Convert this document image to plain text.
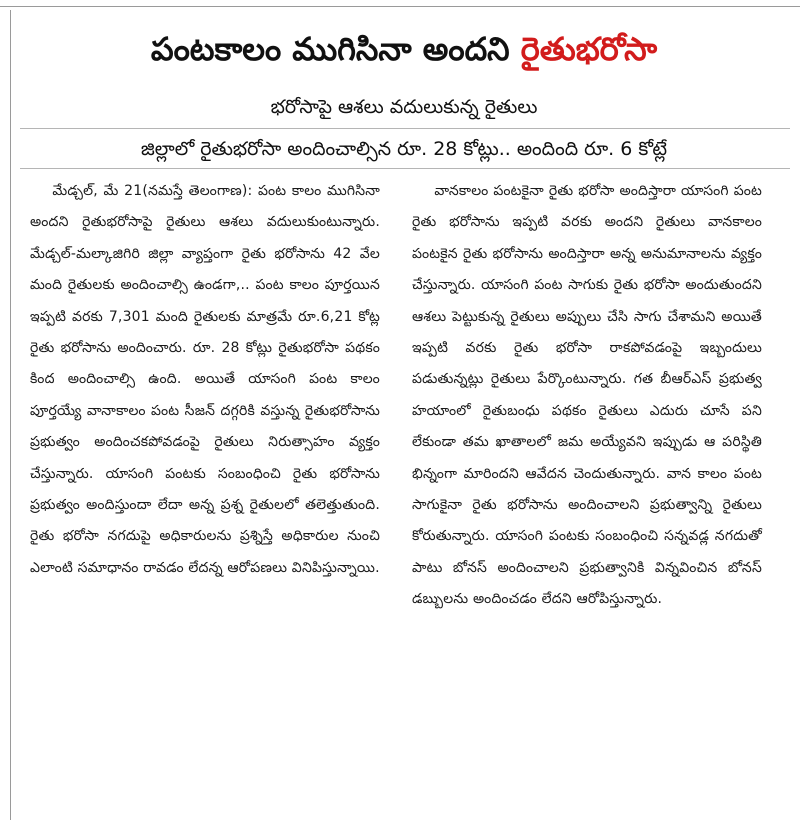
పంటకాలం ముగిసినా అందని రైతుభరోసా
భరోసాపై ఆశలు వదులుకున్న రైతులు
జిల్లాలో రైతుభరోసా అందించాల్సిన రూ. 28 కోట్లు.. అందింది రూ. 6 కోట్లే

మేడ్చల్, మే 21(నమస్తే తెలంగాణ): పంట కాలం ముగిసినా అందని రైతుభరోసాపై రైతులు ఆశలు వదులుకుంటున్నారు. మేడ్చల్-మల్కాజిగిరి జిల్లా వ్యాప్తంగా రైతు భరోసాను 42 వేల మంది రైతులకు అందించాల్సి ఉండగా,.. పంట కాలం పూర్తయిన ఇప్పటి వరకు 7,301 మంది రైతులకు మాత్రమే రూ.6,21 కోట్ల రైతు భరోసాను అందించారు. రూ. 28 కోట్లు రైతుభరోసా పథకం కింద అందించాల్సి ఉంది. అయితే యాసంగి పంట కాలం పూర్తయ్యే వానాకాలం పంట సీజన్ దగ్గరికి వస్తున్న రైతుభరోసాను ప్రభుత్వం అందించకపోవడంపై రైతులు నిరుత్సాహం వ్యక్తం చేస్తున్నారు. యాసంగి పంటకు సంబంధించి రైతు భరోసాను ప్రభుత్వం అందిస్తుందా లేదా అన్న ప్రశ్న రైతులలో తలెత్తుతుంది. రైతు భరోసా నగదుపై అధికారులను ప్రశ్నిస్తే అధికారుల నుంచి ఎలాంటి సమాధానం రావడం లేదన్న ఆరోపణలు వినిపిస్తున్నాయి.

వానకాలం పంటకైనా రైతు భరోసా అందిస్తారా యాసంగి పంట రైతు భరోసాను ఇప్పటి వరకు అందని రైతులు వానకాలం పంటకైన రైతు భరోసాను అందిస్తారా అన్న అనుమానాలను వ్యక్తం చేస్తున్నారు. యాసంగి పంట సాగుకు రైతు భరోసా అందుతుందని ఆశలు పెట్టుకున్న రైతులు అప్పులు చేసి సాగు చేశామని అయితే ఇప్పటి వరకు రైతు భరోసా రాకపోవడంపై ఇబ్బందులు పడుతున్నట్లు రైతులు పేర్కొంటున్నారు. గత బీఆర్ఎస్ ప్రభుత్వ హయాంలో రైతుబంధు పథకం రైతులు ఎదురు చూసే పని లేకుండా తమ ఖాతాలలో జమ అయ్యేవని ఇప్పుడు ఆ పరిస్థితి భిన్నంగా మారిందని ఆవేదన చెందుతున్నారు. వాన కాలం పంట సాగుకైనా రైతు భరోసాను అందించాలని ప్రభుత్వాన్ని రైతులు కోరుతున్నారు. యాసంగి పంటకు సంబంధించి సన్నవడ్ల నగదుతో పాటు బోనస్ అందించాలని ప్రభుత్వానికి విన్నవించిన బోనస్ డబ్బులను అందించడం లేదని ఆరోపిస్తున్నారు.
